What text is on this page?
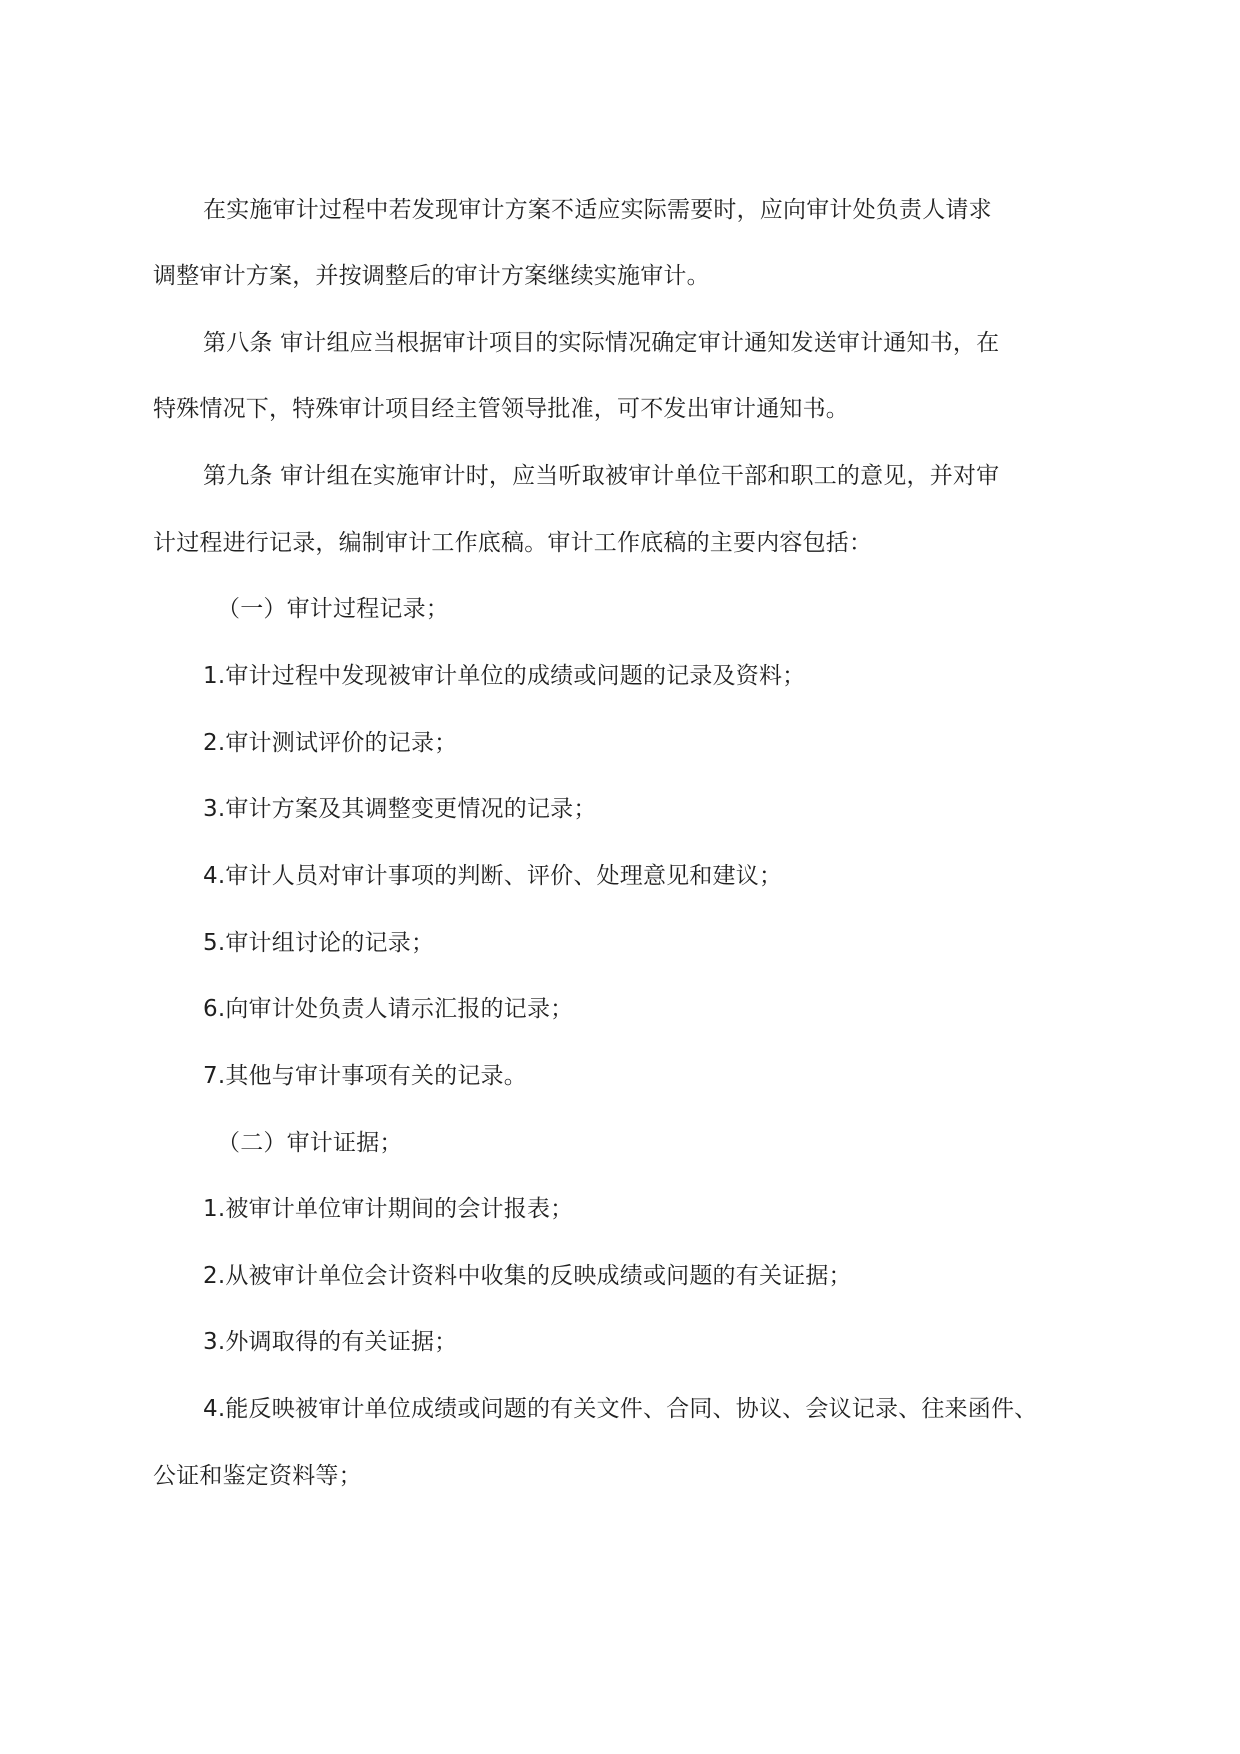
在实施审计过程中若发现审计方案不适应实际需要时，应向审计处负责人请求
调整审计方案，并按调整后的审计方案继续实施审计。
第八条 审计组应当根据审计项目的实际情况确定审计通知发送审计通知书，在
特殊情况下，特殊审计项目经主管领导批准，可不发出审计通知书。
第九条 审计组在实施审计时，应当听取被审计单位干部和职工的意见，并对审
计过程进行记录，编制审计工作底稿。审计工作底稿的主要内容包括：
（一）审计过程记录；
1.审计过程中发现被审计单位的成绩或问题的记录及资料；
2.审计测试评价的记录；
3.审计方案及其调整变更情况的记录；
4.审计人员对审计事项的判断、评价、处理意见和建议；
5.审计组讨论的记录；
6.向审计处负责人请示汇报的记录；
7.其他与审计事项有关的记录。
（二）审计证据；
1.被审计单位审计期间的会计报表；
2.从被审计单位会计资料中收集的反映成绩或问题的有关证据；
3.外调取得的有关证据；
4.能反映被审计单位成绩或问题的有关文件、合同、协议、会议记录、往来函件、
公证和鉴定资料等；
